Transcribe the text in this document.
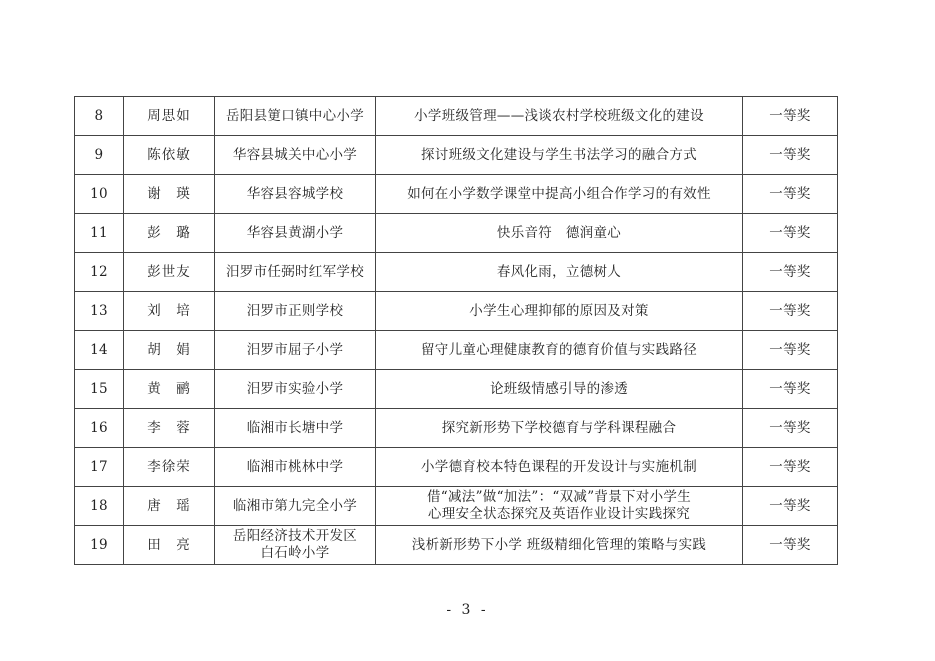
8	周思如	岳阳县筻口镇中心小学	小学班级管理——浅谈农村学校班级文化的建设	一等奖
9	陈依敏	华容县城关中心小学	探讨班级文化建设与学生书法学习的融合方式	一等奖
10	谢　瑛	华容县容城学校	如何在小学数学课堂中提高小组合作学习的有效性	一等奖
11	彭　璐	华容县黄湖小学	快乐音符　德润童心	一等奖
12	彭世友	汨罗市任弼时红军学校	春风化雨，立德树人	一等奖
13	刘　培	汨罗市正则学校	小学生心理抑郁的原因及对策	一等奖
14	胡　娟	汨罗市屈子小学	留守儿童心理健康教育的德育价值与实践路径	一等奖
15	黄　鹂	汨罗市实验小学	论班级情感引导的渗透	一等奖
16	李　蓉	临湘市长塘中学	探究新形势下学校德育与学科课程融合	一等奖
17	李徐荣	临湘市桃林中学	小学德育校本特色课程的开发设计与实施机制	一等奖
18	唐　瑶	临湘市第九完全小学	借“减法”做“加法”：“双减”背景下对小学生
心理安全状态探究及英语作业设计实践探究	一等奖
19	田　亮	岳阳经济技术开发区
白石岭小学	浅析新形势下小学 班级精细化管理的策略与实践	一等奖
- 3 -
